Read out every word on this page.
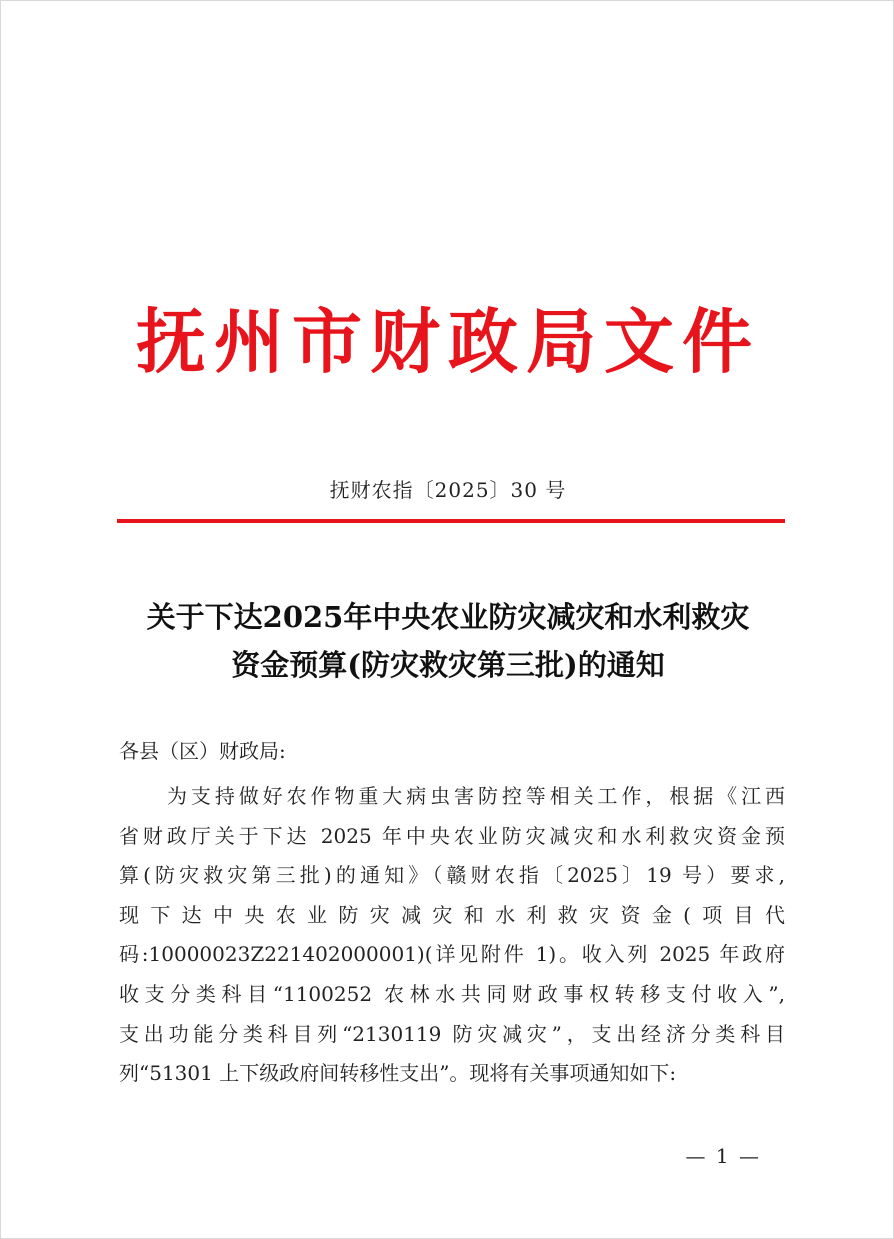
抚州市财政局文件
抚财农指〔2025〕30 号
关于下达2025年中央农业防灾减灾和水利救灾
资金预算(防灾救灾第三批)的通知
各县（区）财政局:
为支持做好农作物重大病虫害防控等相关工作，根据《江西
省财政厅关于下达 2025 年中央农业防灾减灾和水利救灾资金预
算(防灾救灾第三批)的通知》（赣财农指〔2025〕19 号）要求,
现下达中央农业防灾减灾和水利救灾资金(项目代
码:10000023Z221402000001)(详见附件 1)。收入列 2025 年政府
收支分类科目“1100252 农林水共同财政事权转移支付收入”,
支出功能分类科目列“2130119 防灾减灾”，支出经济分类科目
列“51301 上下级政府间转移性支出”。现将有关事项通知如下:
— 1 —
